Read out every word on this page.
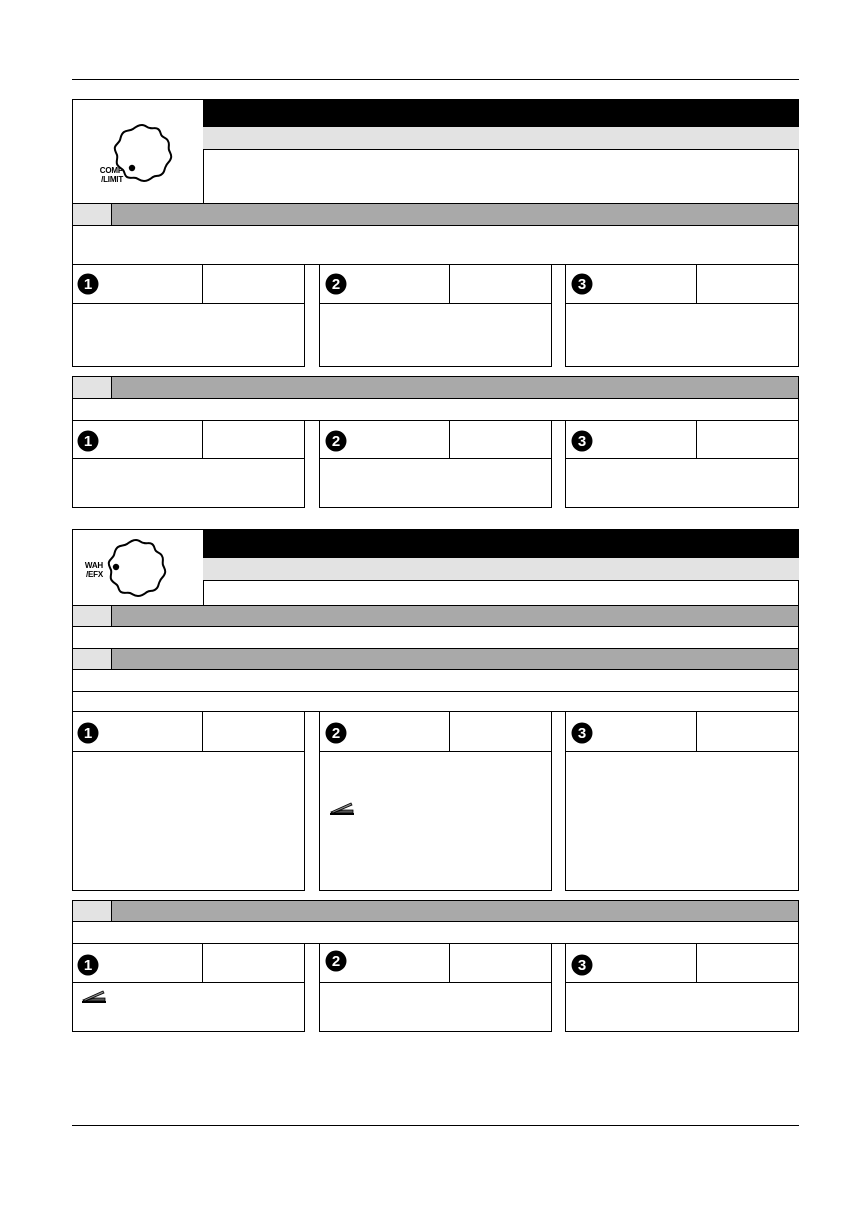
COMP
/LIMIT
1	2	3
1	2	3
WAH
/EFX
1	2	3
1	2	3
